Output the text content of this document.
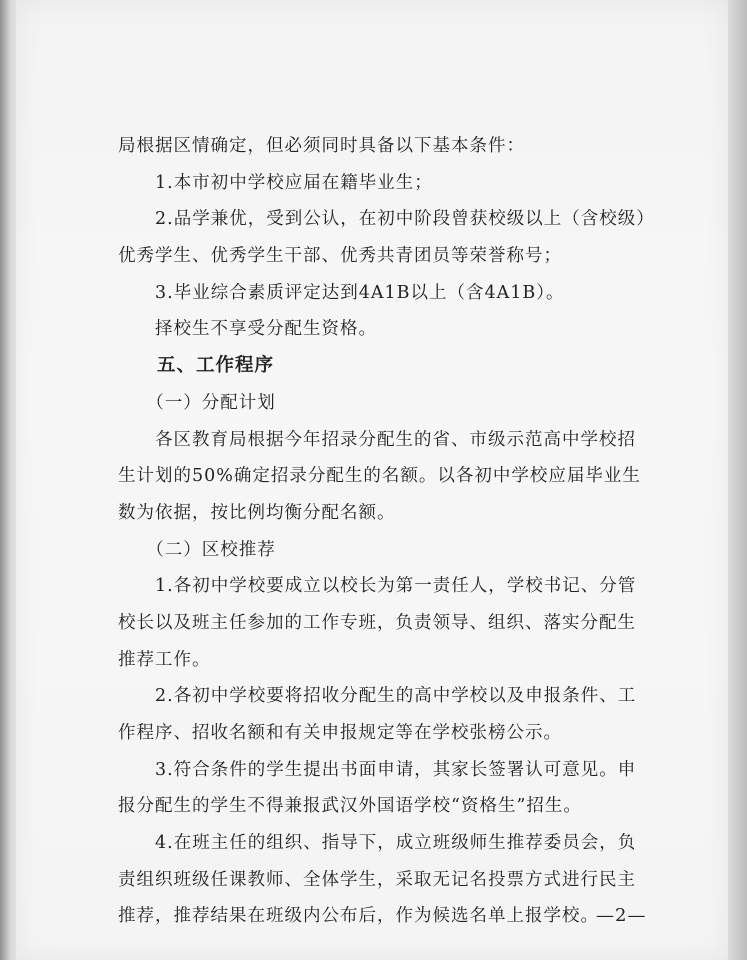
局根据区情确定，但必须同时具备以下基本条件：
　　1.本市初中学校应届在籍毕业生；
　　2.品学兼优，受到公认，在初中阶段曾获校级以上（含校级）
优秀学生、优秀学生干部、优秀共青团员等荣誉称号；
　　3.毕业综合素质评定达到4A1B以上（含4A1B）。
　　择校生不享受分配生资格。
　　五、工作程序
　　（一）分配计划
　　各区教育局根据今年招录分配生的省、市级示范高中学校招
生计划的50%确定招录分配生的名额。以各初中学校应届毕业生
数为依据，按比例均衡分配名额。
　　（二）区校推荐
　　1.各初中学校要成立以校长为第一责任人，学校书记、分管
校长以及班主任参加的工作专班，负责领导、组织、落实分配生
推荐工作。
　　2.各初中学校要将招收分配生的高中学校以及申报条件、工
作程序、招收名额和有关申报规定等在学校张榜公示。
　　3.符合条件的学生提出书面申请，其家长签署认可意见。申
报分配生的学生不得兼报武汉外国语学校“资格生”招生。
　　4.在班主任的组织、指导下，成立班级师生推荐委员会，负
责组织班级任课教师、全体学生，采取无记名投票方式进行民主
推荐，推荐结果在班级内公布后，作为候选名单上报学校。
—2—
